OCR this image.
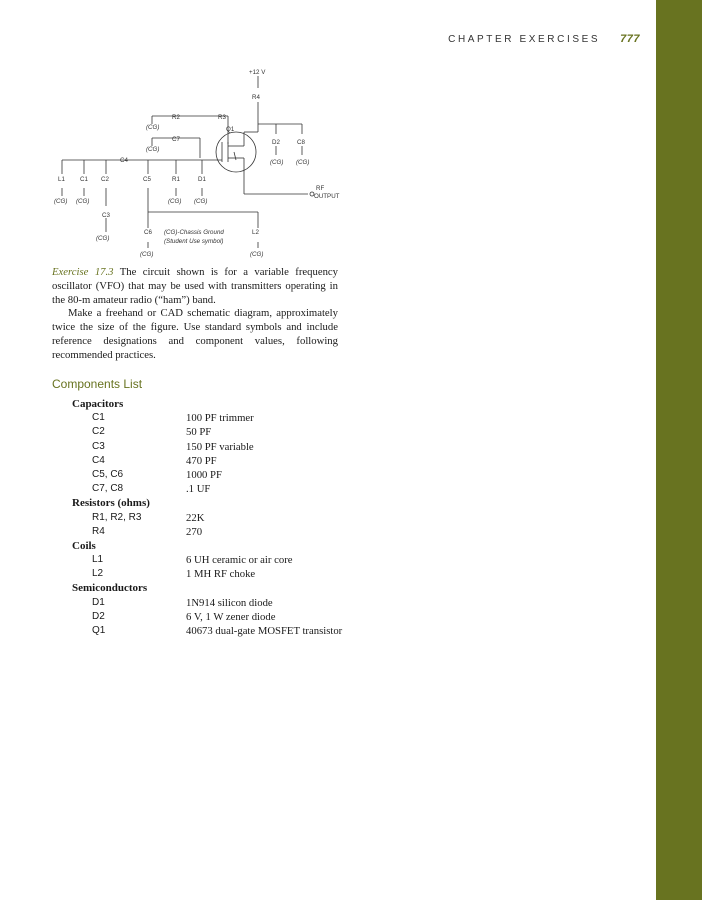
CHAPTER EXERCISES 777
+12 V
R4
R2	R3
(CG)	Q1
C7	D2	C8
(CG)
C4	(CG) (CG)
L1 C1 C2	C5	R1	D1
RF
OUTPUT
(CG) (CG)	(CG) (CG)
C3
C6 (CG)-Chassis Ground	L2
(CG)	(Student Use symbol)
(CG)	(CG)

Exercise 17.3 The circuit shown is for a variable frequency oscillator (VFO) that may be used with transmitters operating in the 80-m amateur radio (“ham”) band.

Make a freehand or CAD schematic diagram, approximately twice the size of the figure. Use standard symbols and include reference designations and component values, following recommended practices.

Components List
Capacitors
C1	100 PF trimmer
C2	50 PF
C3	150 PF variable
C4	470 PF
C5, C6	1000 PF
C7, C8	.1 UF
Resistors (ohms)
R1, R2, R3	22K
R4	270
Coils
L1	6 UH ceramic or air core
L2	1 MH RF choke
Semiconductors
D1	1N914 silicon diode
D2	6 V, 1 W zener diode
Q1	40673 dual-gate MOSFET transistor
